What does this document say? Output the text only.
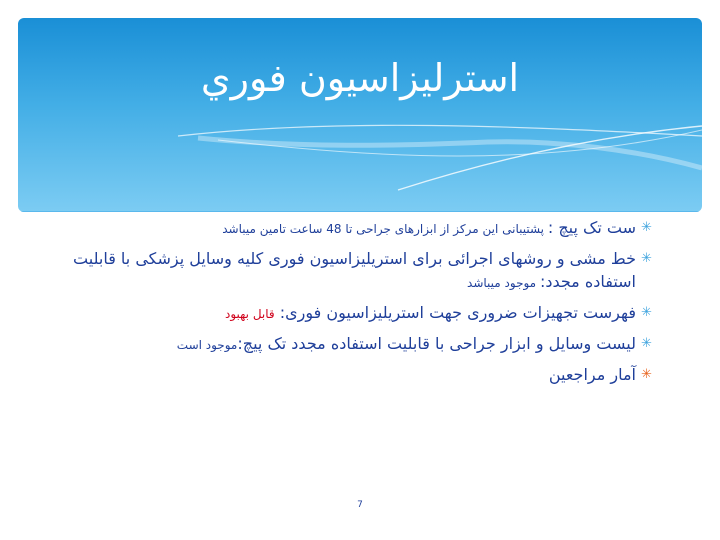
استرليزاسيون فوري
✳
ست تک پیچ : پشتیبانی این مرکز از ابزارهای جراحی تا 48 ساعت تامین میباشد
✳
خط مشی و روشهای اجرائی برای استریلیزاسیون فوری کلیه وسایل پزشکی با قابلیت استفاده مجدد: موجود میباشد
✳
فهرست تجهیزات ضروری جهت استریلیزاسیون فوری: قابل بهبود
✳
لیست وسایل و ابزار جراحی با قابلیت استفاده مجدد تک پیچ:موجود است
✳
آمار مراجعین
7
